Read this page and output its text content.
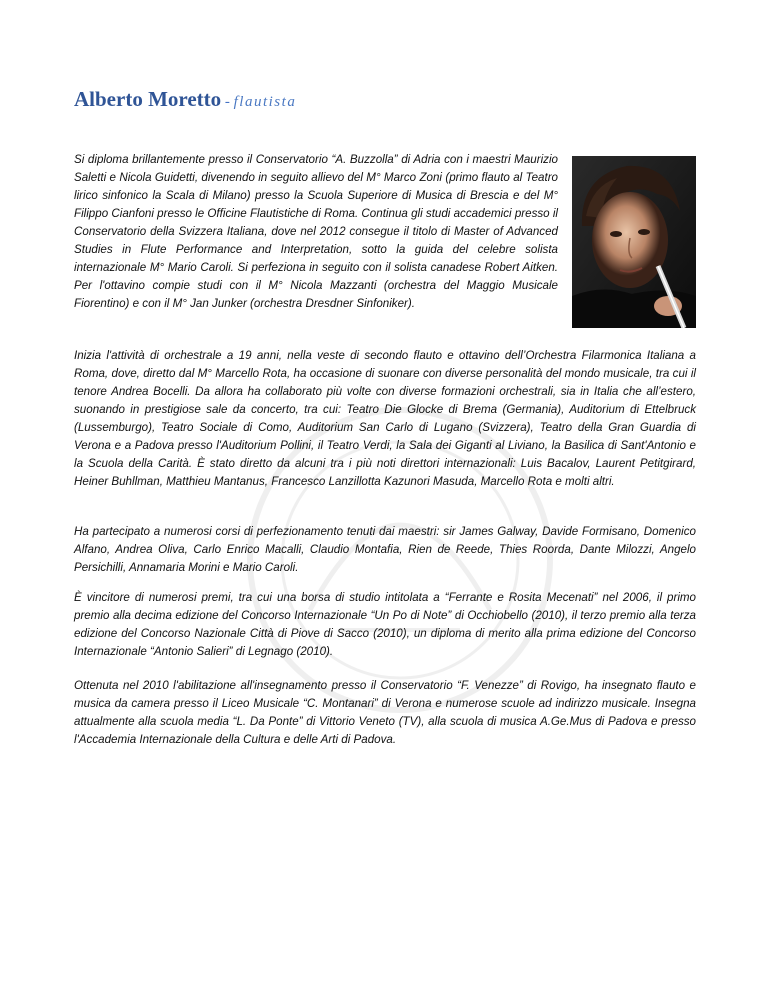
Alberto Moretto - flautista

Si diploma brillantemente presso il Conservatorio “A. Buzzolla” di Adria con i maestri Maurizio Saletti e Nicola Guidetti, divenendo in seguito allievo del M° Marco Zoni (primo flauto al Teatro lirico sinfonico la Scala di Milano) presso la Scuola Superiore di Musica di Brescia e del M° Filippo Cianfoni presso le Officine Flautistiche di Roma. Continua gli studi accademici presso il Conservatorio della Svizzera Italiana, dove nel 2012 consegue il titolo di Master of Advanced Studies in Flute Performance and Interpretation, sotto la guida del celebre solista internazionale M° Mario Caroli. Si perfeziona in seguito con il solista canadese Robert Aitken. Per l'ottavino compie studi con il M° Nicola Mazzanti (orchestra del Maggio Musicale Fiorentino) e con il M° Jan Junker (orchestra Dresdner Sinfoniker).

Inizia l'attività di orchestrale a 19 anni, nella veste di secondo flauto e ottavino dell’Orchestra Filarmonica Italiana a Roma, dove, diretto dal M° Marcello Rota, ha occasione di suonare con diverse personalità del mondo musicale, tra cui il tenore Andrea Bocelli. Da allora ha collaborato più volte con diverse formazioni orchestrali, sia in Italia che all’estero, suonando in prestigiose sale da concerto, tra cui: Teatro Die Glocke di Brema (Germania), Auditorium di Ettelbruck (Lussemburgo), Teatro Sociale di Como, Auditorium San Carlo di Lugano (Svizzera), Teatro della Gran Guardia di Verona e a Padova presso l'Auditorium Pollini, il Teatro Verdi, la Sala dei Giganti al Liviano, la Basilica di Sant'Antonio e la Scuola della Carità. È stato diretto da alcuni tra i più noti direttori internazionali: Luis Bacalov, Laurent Petitgirard, Heiner Buhllman, Matthieu Mantanus, Francesco Lanzillotta Kazunori Masuda, Marcello Rota e molti altri.

Ha partecipato a numerosi corsi di perfezionamento tenuti dai maestri: sir James Galway, Davide Formisano, Domenico Alfano, Andrea Oliva, Carlo Enrico Macalli, Claudio Montafia, Rien de Reede, Thies Roorda, Dante Milozzi, Angelo Persichilli, Annamaria Morini e Mario Caroli.

È vincitore di numerosi premi, tra cui una borsa di studio intitolata a “Ferrante e Rosita Mecenati” nel 2006, il primo premio alla decima edizione del Concorso Internazionale “Un Po di Note” di Occhiobello (2010), il terzo premio alla terza edizione del Concorso Nazionale Città di Piove di Sacco (2010), un diploma di merito alla prima edizione del Concorso Internazionale “Antonio Salieri” di Legnago (2010).

Ottenuta nel 2010 l'abilitazione all'insegnamento presso il Conservatorio “F. Venezze” di Rovigo, ha insegnato flauto e musica da camera presso il Liceo Musicale “C. Montanari” di Verona e numerose scuole ad indirizzo musicale. Insegna attualmente alla scuola media “L. Da Ponte” di Vittorio Veneto (TV), alla scuola di musica A.Ge.Mus di Padova e presso l'Accademia Internazionale della Cultura e delle Arti di Padova.
